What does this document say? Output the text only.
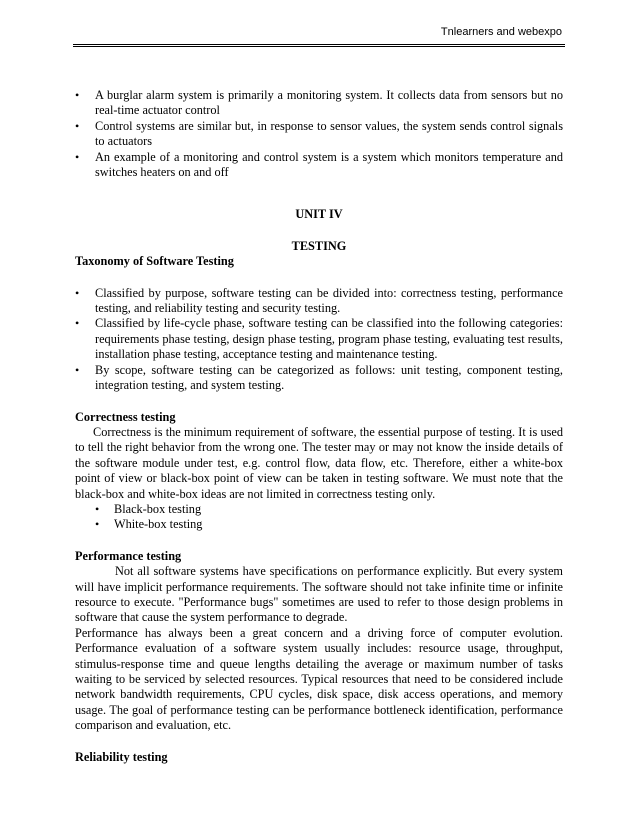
Tnlearners and webexpo
• A burglar alarm system is primarily a monitoring system. It collects data from sensors but no real-time actuator control
• Control systems are similar but, in response to sensor values, the system sends control signals to actuators
• An example of a monitoring and control system is a system which monitors temperature and switches heaters on and off
UNIT IV
TESTING
Taxonomy of Software Testing
• Classified by purpose, software testing can be divided into: correctness testing, performance testing, and reliability testing and security testing.
• Classified by life-cycle phase, software testing can be classified into the following categories: requirements phase testing, design phase testing, program phase testing, evaluating test results, installation phase testing, acceptance testing and maintenance testing.
• By scope, software testing can be categorized as follows: unit testing, component testing, integration testing, and system testing.
Correctness testing

Correctness is the minimum requirement of software, the essential purpose of testing. It is used to tell the right behavior from the wrong one. The tester may or may not know the inside details of the software module under test, e.g. control flow, data flow, etc. Therefore, either a white-box point of view or black-box point of view can be taken in testing software. We must note that the black-box and white-box ideas are not limited in correctness testing only.

• Black-box testing
• White-box testing
Performance testing

Not all software systems have specifications on performance explicitly. But every system will have implicit performance requirements. The software should not take infinite time or infinite resource to execute. "Performance bugs" sometimes are used to refer to those design problems in software that cause the system performance to degrade.

Performance has always been a great concern and a driving force of computer evolution. Performance evaluation of a software system usually includes: resource usage, throughput, stimulus-response time and queue lengths detailing the average or maximum number of tasks waiting to be serviced by selected resources. Typical resources that need to be considered include network bandwidth requirements, CPU cycles, disk space, disk access operations, and memory usage. The goal of performance testing can be performance bottleneck identification, performance comparison and evaluation, etc.

Reliability testing
